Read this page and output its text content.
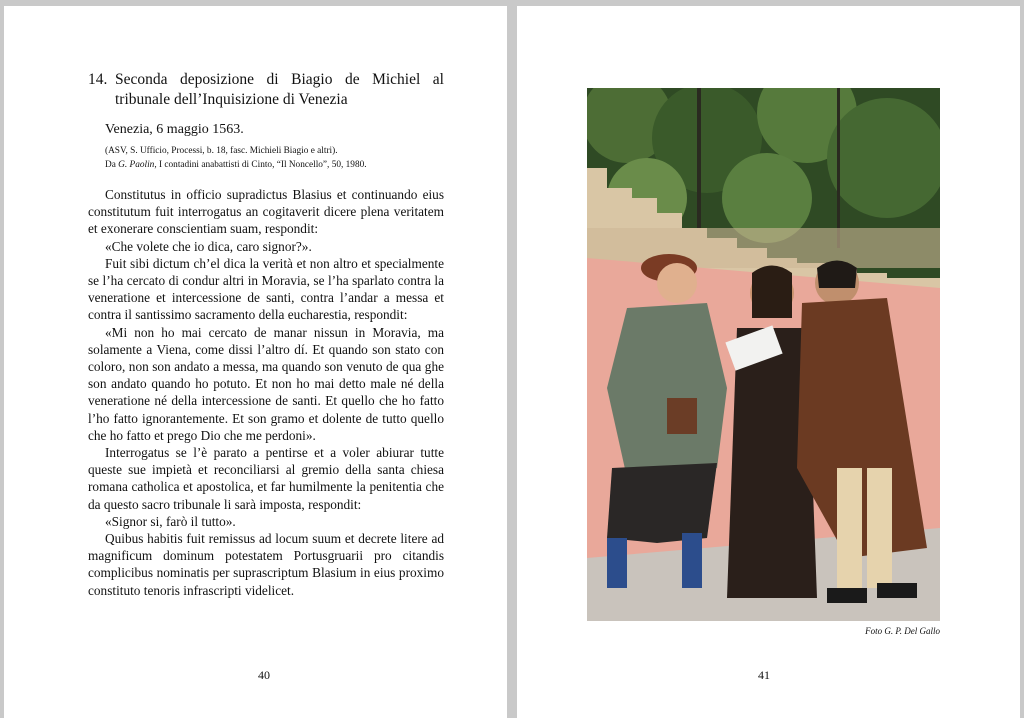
14. Seconda deposizione di Biagio de Michiel al
tribunale dell’Inquisizione di Venezia
Venezia, 6 maggio 1563.
(ASV, S. Ufficio, Processi, b. 18, fasc. Michieli Biagio e altri).
Da G. Paolin, I contadini anabattisti di Cinto, “Il Noncello”, 50, 1980.

Constitutus in officio supradictus Blasius et continuando eius constitutum fuit interrogatus an cogitaverit dicere plena veritatem et exonerare conscientiam suam, respondit:

«Che volete che io dica, caro signor?».

Fuit sibi dictum ch’el dica la verità et non altro et specialmente se l’ha cercato di condur altri in Moravia, se l’ha sparlato contra la veneratione et intercessione de santi, contra l’andar a messa et contra il santissimo sacramento della eucharestia, respondit:

«Mi non ho mai cercato de manar nissun in Moravia, ma solamente a Viena, come dissi l’altro dí. Et quando son stato con coloro, non son andato a messa, ma quando son venuto de qua ghe son andato quando ho potuto. Et non ho mai detto male né della veneratione né della intercessione de santi. Et quello che ho fatto l’ho fatto ignorantemente. Et son gramo et dolente de tutto quello che ho fatto et prego Dio che me perdoni».

Interrogatus se l’è parato a pentirse et a voler abiurar tutte queste sue impietà et reconciliarsi al gremio della santa chiesa romana catholica et apostolica, et far humilmente la penitentia che da questo sacro tribunale li sarà imposta, respondit:

«Signor si, farò il tutto».

Quibus habitis fuit remissus ad locum suum et decrete litere ad magnificum dominum potestatem Portusgruarii pro citandis complicibus nominatis per suprascriptum Blasium in eius proximo constituto tenoris infrascripti videlicet.

40
Foto G. P. Del Gallo
41
